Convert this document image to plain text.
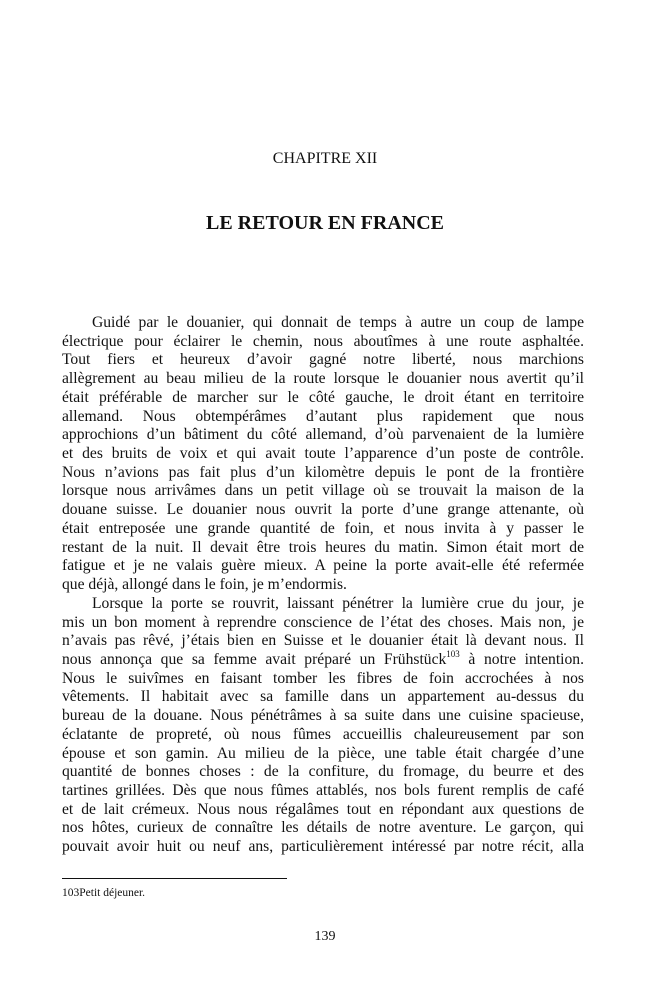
CHAPITRE XII
LE RETOUR EN FRANCE
Guidé par le douanier, qui donnait de temps à autre un coup de lampe
électrique pour éclairer le chemin, nous aboutîmes à une route asphaltée.
Tout fiers et heureux d’avoir gagné notre liberté, nous marchions
allègrement au beau milieu de la route lorsque le douanier nous avertit qu’il
était préférable de marcher sur le côté gauche, le droit étant en territoire
allemand. Nous obtempérâmes d’autant plus rapidement que nous
approchions d’un bâtiment du côté allemand, d’où parvenaient de la lumière
et des bruits de voix et qui avait toute l’apparence d’un poste de contrôle.
Nous n’avions pas fait plus d’un kilomètre depuis le pont de la frontière
lorsque nous arrivâmes dans un petit village où se trouvait la maison de la
douane suisse. Le douanier nous ouvrit la porte d’une grange attenante, où
était entreposée une grande quantité de foin, et nous invita à y passer le
restant de la nuit. Il devait être trois heures du matin. Simon était mort de
fatigue et je ne valais guère mieux. A peine la porte avait-elle été refermée
que déjà, allongé dans le foin, je m’endormis.
Lorsque la porte se rouvrit, laissant pénétrer la lumière crue du jour, je
mis un bon moment à reprendre conscience de l’état des choses. Mais non, je
n’avais pas rêvé, j’étais bien en Suisse et le douanier était là devant nous. Il
nous annonça que sa femme avait préparé un Frühstück$^{103}$ à notre intention.
Nous le suivîmes en faisant tomber les fibres de foin accrochées à nos
vêtements. Il habitait avec sa famille dans un appartement au-dessus du
bureau de la douane. Nous pénétrâmes à sa suite dans une cuisine spacieuse,
éclatante de propreté, où nous fûmes accueillis chaleureusement par son
épouse et son gamin. Au milieu de la pièce, une table était chargée d’une
quantité de bonnes choses : de la confiture, du fromage, du beurre et des
tartines grillées. Dès que nous fûmes attablés, nos bols furent remplis de café
et de lait crémeux. Nous nous régalâmes tout en répondant aux questions de
nos hôtes, curieux de connaître les détails de notre aventure. Le garçon, qui
pouvait avoir huit ou neuf ans, particulièrement intéressé par notre récit, alla
103Petit déjeuner.
139
